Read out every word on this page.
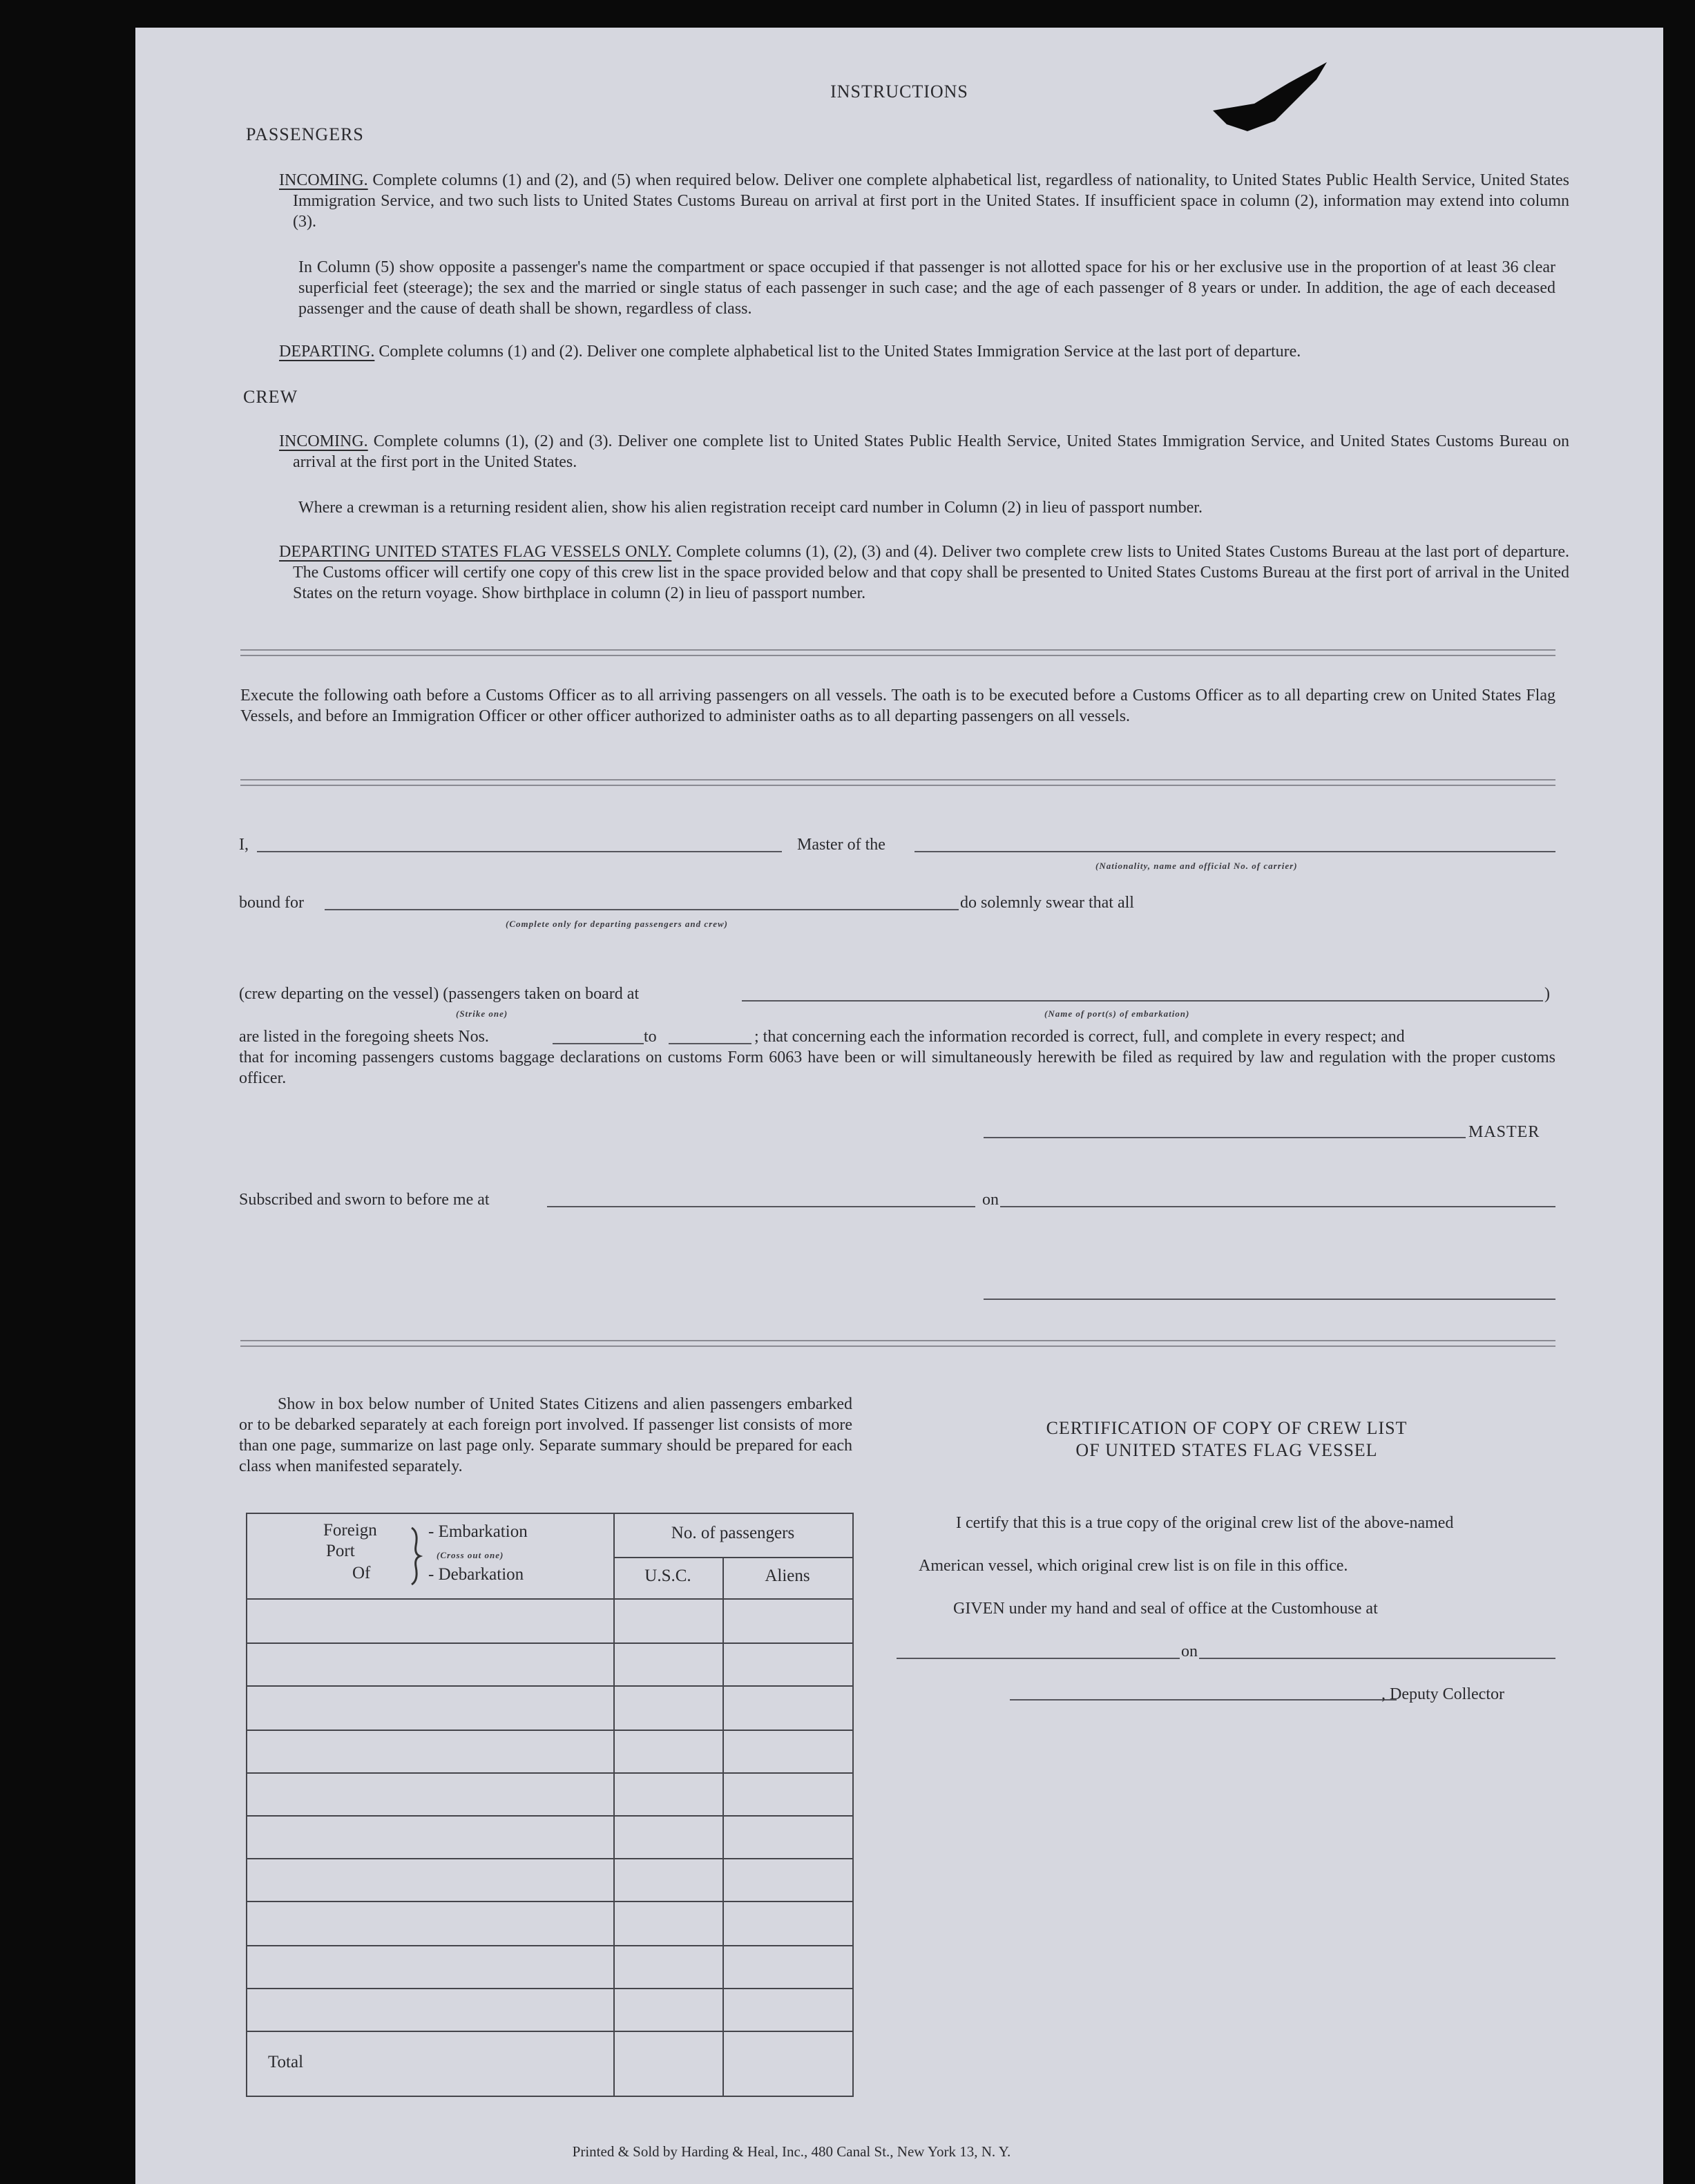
INSTRUCTIONS
PASSENGERS
INCOMING. Complete columns (1) and (2), and (5) when required below. Deliver one complete alphabetical list, regardless of nationality, to United States Public Health Service, United States Immigration Service, and two such lists to United States Customs Bureau on arrival at first port in the United States. If insufficient space in column (2), information may extend into column (3).
In Column (5) show opposite a passenger's name the compartment or space occupied if that passenger is not allotted space for his or her exclusive use in the proportion of at least 36 clear superficial feet (steerage); the sex and the married or single status of each passenger in such case; and the age of each passenger of 8 years or under. In addition, the age of each deceased passenger and the cause of death shall be shown, regardless of class.
DEPARTING. Complete columns (1) and (2). Deliver one complete alphabetical list to the United States Immigration Service at the last port of departure.
CREW
INCOMING. Complete columns (1), (2) and (3). Deliver one complete list to United States Public Health Service, United States Immigration Service, and United States Customs Bureau on arrival at the first port in the United States.
Where a crewman is a returning resident alien, show his alien registration receipt card number in Column (2) in lieu of passport number.
DEPARTING UNITED STATES FLAG VESSELS ONLY. Complete columns (1), (2), (3) and (4). Deliver two complete crew lists to United States Customs Bureau at the last port of departure. The Customs officer will certify one copy of this crew list in the space provided below and that copy shall be presented to United States Customs Bureau at the first port of arrival in the United States on the return voyage. Show birthplace in column (2) in lieu of passport number.
Execute the following oath before a Customs Officer as to all arriving passengers on all vessels. The oath is to be executed before a Customs Officer as to all departing crew on United States Flag Vessels, and before an Immigration Officer or other officer authorized to administer oaths as to all departing passengers on all vessels.
I,	Master of the
(Nationality, name and official No. of carrier)
bound for	do solemnly swear that all
(Complete only for departing passengers and crew)
(crew departing on the vessel) (passengers taken on board at	)
(Strike one)	(Name of port(s) of embarkation)
are listed in the foregoing sheets Nos.	to	; that concerning each the information recorded is correct, full, and complete in every respect; and
that for incoming passengers customs baggage declarations on customs Form 6063 have been or will simultaneously herewith be filed as required by law and regulation with the proper customs officer.
MASTER
Subscribed and sworn to before me at	on
Show in box below number of United States Citizens and alien passengers embarked or to be debarked separately at each foreign port involved. If passenger list consists of more than one page, summarize on last page only. Separate summary should be prepared for each class when manifested separately.
Foreign
Port
Of
- Embarkation
(Cross out one)
- Debarkation
No. of passengers
U.S.C.	Aliens
Total
CERTIFICATION OF COPY OF CREW LIST
OF UNITED STATES FLAG VESSEL
I certify that this is a true copy of the original crew list of the above-named
American vessel, which original crew list is on file in this office.
GIVEN under my hand and seal of office at the Customhouse at
on
, Deputy Collector
Printed & Sold by Harding & Heal, Inc., 480 Canal St., New York 13, N. Y.
